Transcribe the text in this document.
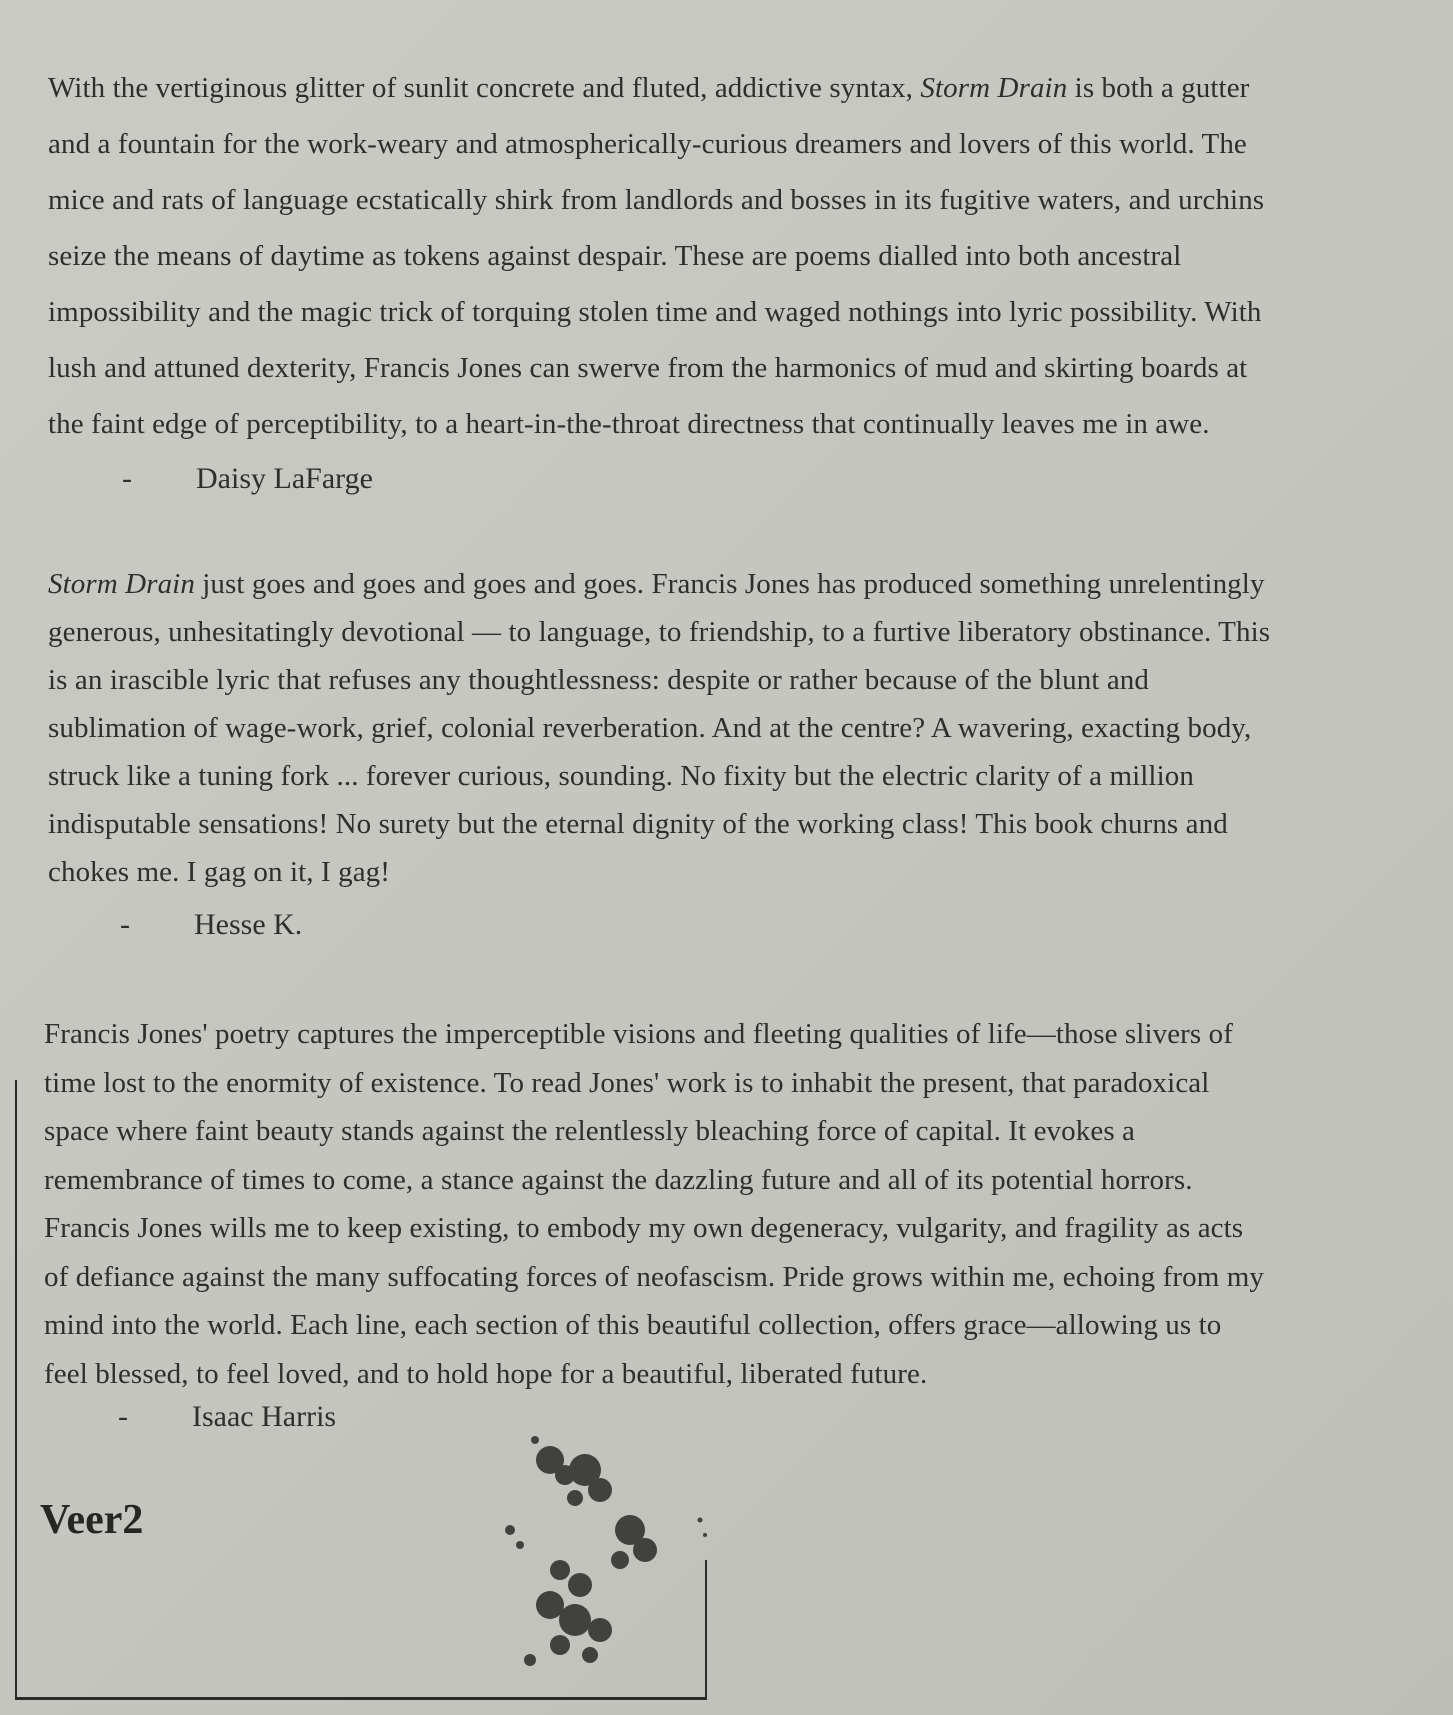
With the vertiginous glitter of sunlit concrete and fluted, addictive syntax, Storm Drain is both a gutter
and a fountain for the work-weary and atmospherically-curious dreamers and lovers of this world. The
mice and rats of language ecstatically shirk from landlords and bosses in its fugitive waters, and urchins
seize the means of daytime as tokens against despair. These are poems dialled into both ancestral
impossibility and the magic trick of torquing stolen time and waged nothings into lyric possibility. With
lush and attuned dexterity, Francis Jones can swerve from the harmonics of mud and skirting boards at
the faint edge of perceptibility, to a heart-in-the-throat directness that continually leaves me in awe.

- Daisy LaFarge

Storm Drain just goes and goes and goes and goes. Francis Jones has produced something unrelentingly
generous, unhesitatingly devotional — to language, to friendship, to a furtive liberatory obstinance. This
is an irascible lyric that refuses any thoughtlessness: despite or rather because of the blunt and
sublimation of wage-work, grief, colonial reverberation. And at the centre? A wavering, exacting body,
struck like a tuning fork ... forever curious, sounding. No fixity but the electric clarity of a million
indisputable sensations! No surety but the eternal dignity of the working class! This book churns and
chokes me. I gag on it, I gag!

- Hesse K.

Francis Jones' poetry captures the imperceptible visions and fleeting qualities of life—those slivers of
time lost to the enormity of existence. To read Jones' work is to inhabit the present, that paradoxical
space where faint beauty stands against the relentlessly bleaching force of capital. It evokes a
remembrance of times to come, a stance against the dazzling future and all of its potential horrors.
Francis Jones wills me to keep existing, to embody my own degeneracy, vulgarity, and fragility as acts
of defiance against the many suffocating forces of neofascism. Pride grows within me, echoing from my
mind into the world. Each line, each section of this beautiful collection, offers grace—allowing us to
feel blessed, to feel loved, and to hold hope for a beautiful, liberated future.

- Isaac Harris
Veer2
